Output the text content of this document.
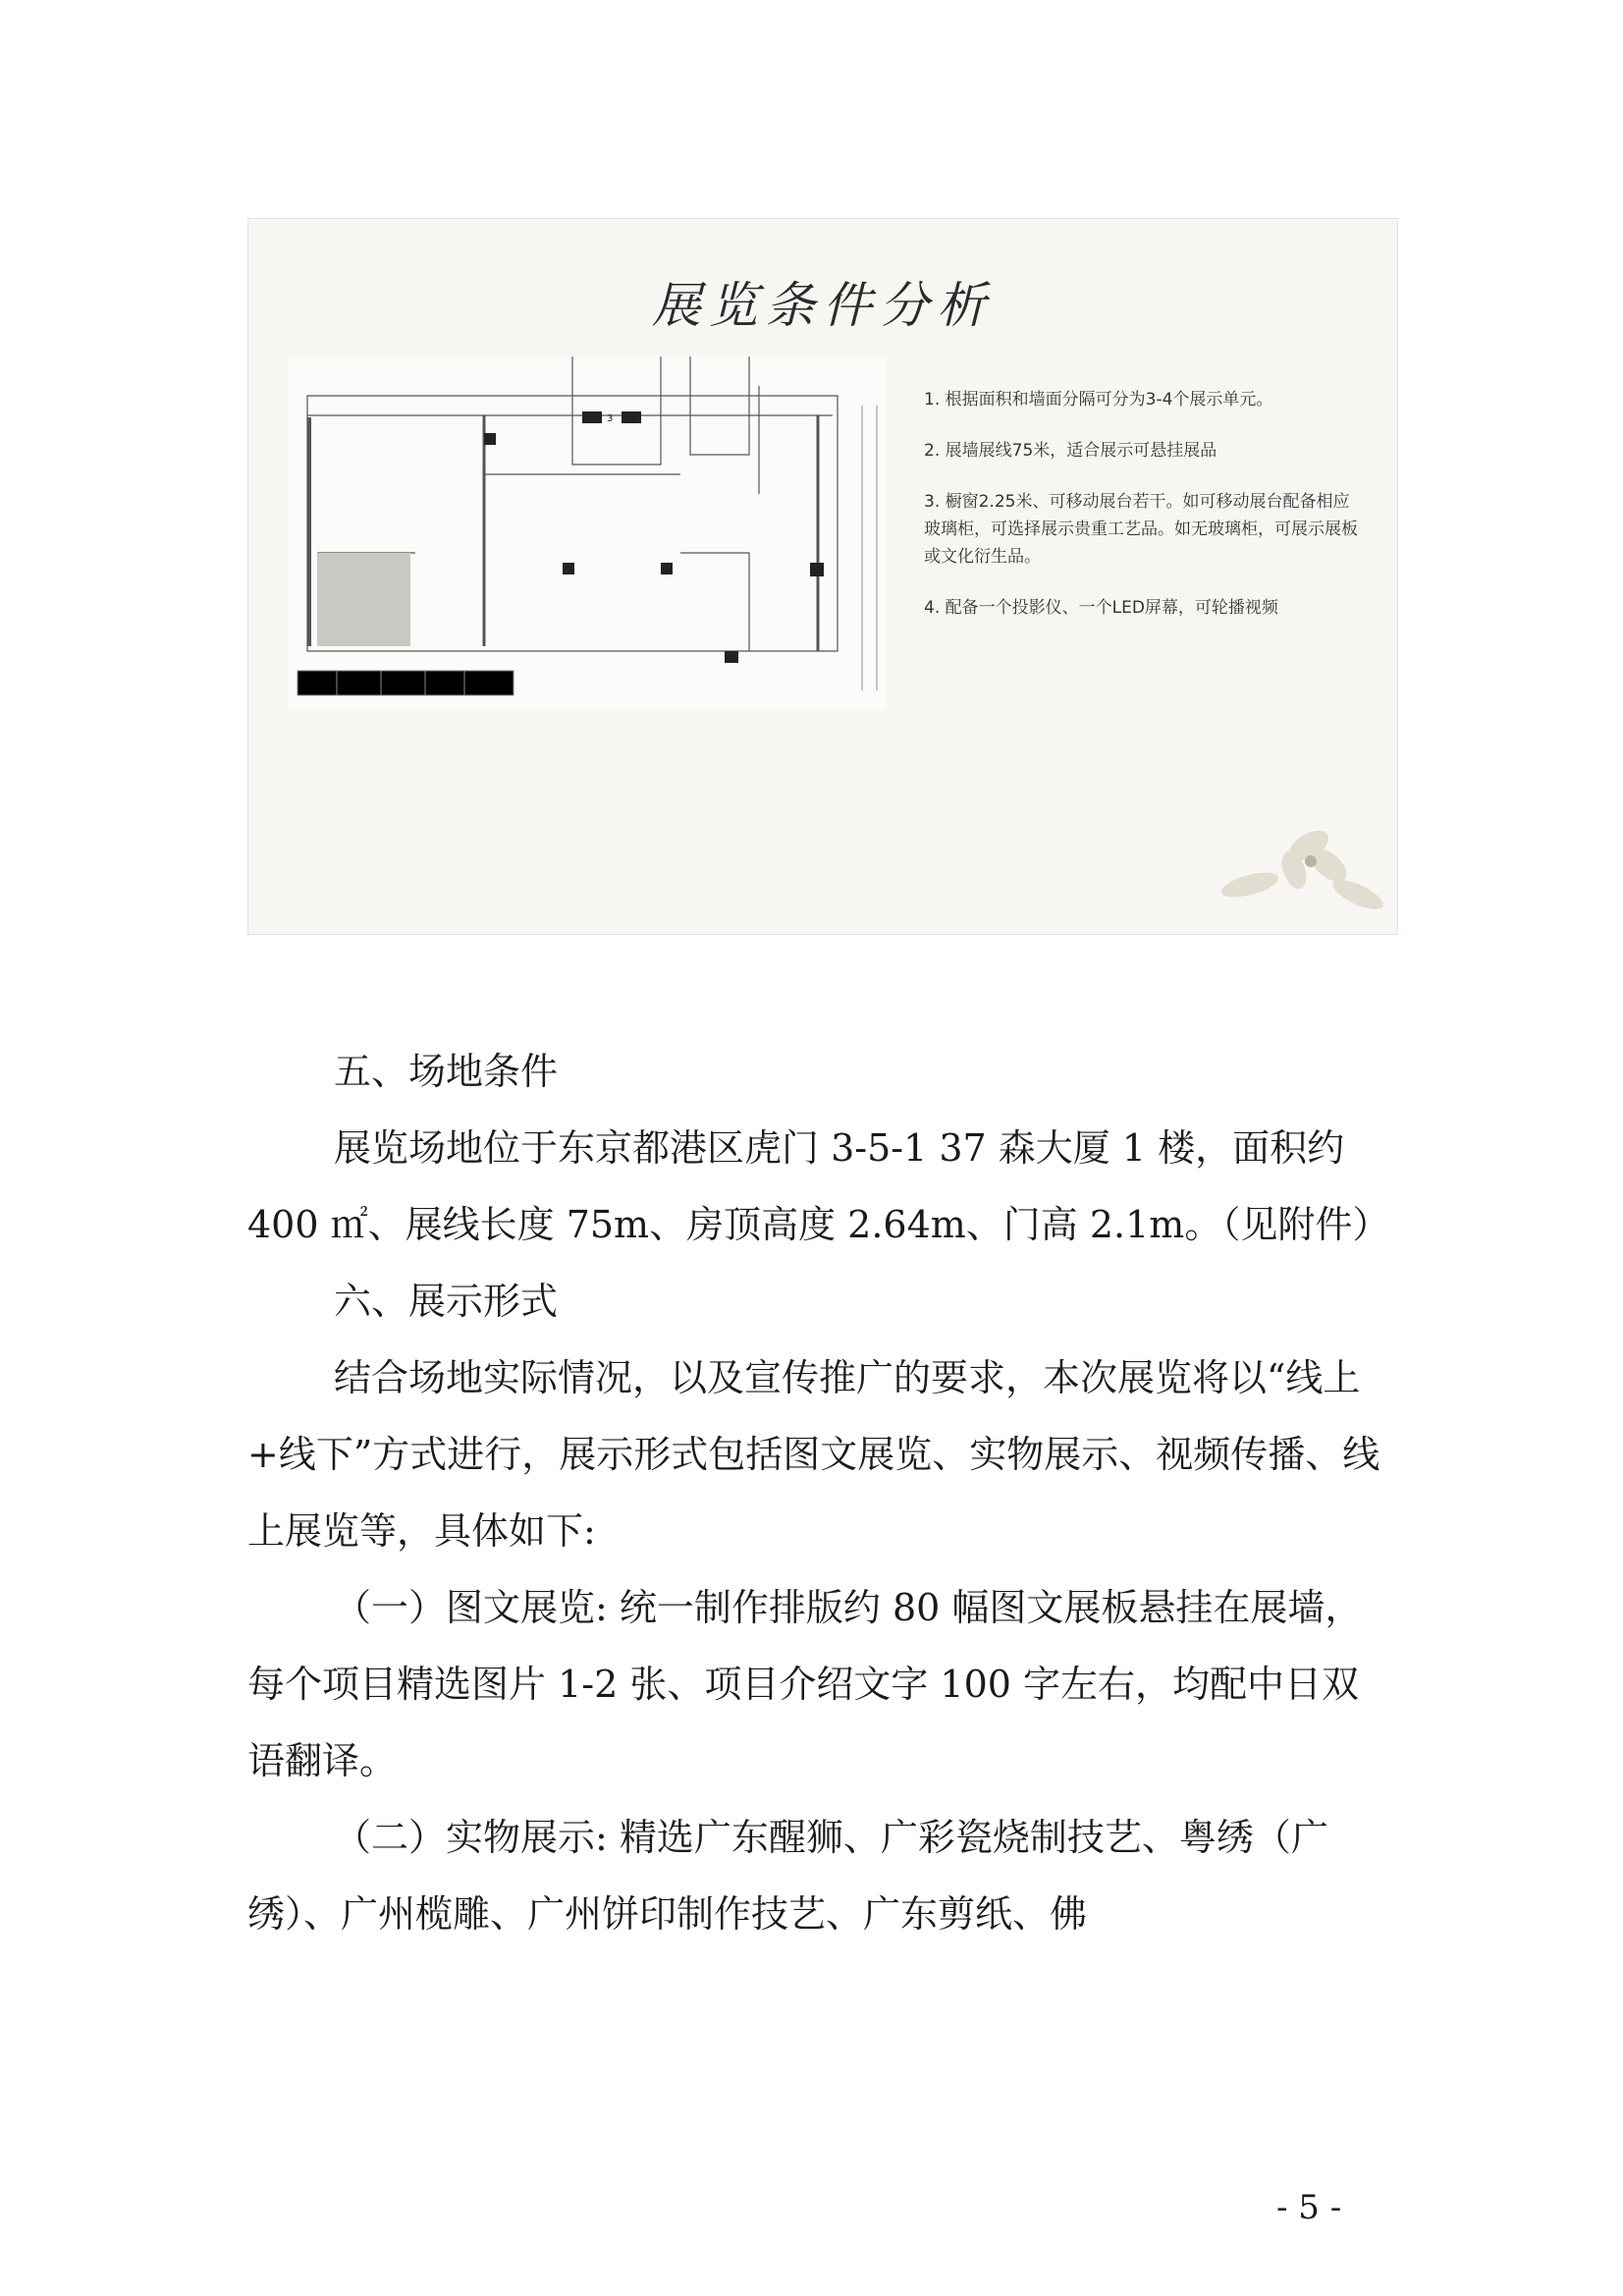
展览条件分析
3
1. 根据面积和墙面分隔可分为3-4个展示单元。
2. 展墙展线75米，适合展示可悬挂展品
3. 橱窗2.25米、可移动展台若干。如可移动展台配备相应玻璃柜，可选择展示贵重工艺品。如无玻璃柜，可展示展板或文化衍生品。
4. 配备一个投影仪、一个LED屏幕，可轮播视频

五、场地条件

展览场地位于东京都港区虎门 3-5-1 37 森大厦 1 楼，面积约 400 ㎡、展线长度 75m、房顶高度 2.64m、门高 2.1m。（见附件）

六、展示形式

结合场地实际情况，以及宣传推广的要求，本次展览将以“线上+线下”方式进行，展示形式包括图文展览、实物展示、视频传播、线上展览等，具体如下:

（一）图文展览: 统一制作排版约 80 幅图文展板悬挂在展墙，每个项目精选图片 1-2 张、项目介绍文字 100 字左右，均配中日双语翻译。

（二）实物展示: 精选广东醒狮、广彩瓷烧制技艺、粤绣（广绣）、广州榄雕、广州饼印制作技艺、广东剪纸、佛

- 5 -
